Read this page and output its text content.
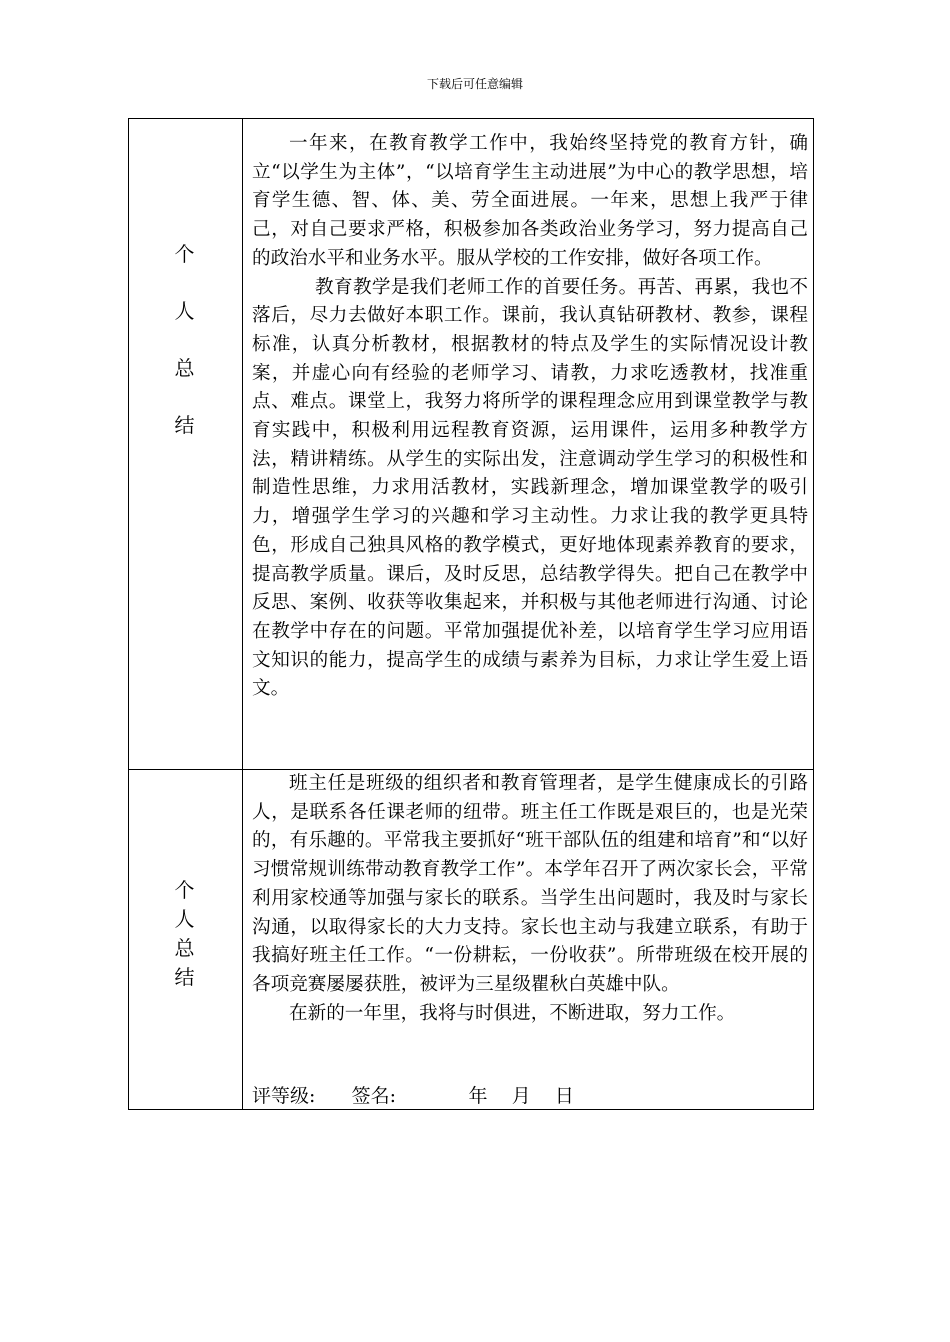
下载后可任意编辑
个
人
总
结

一年来，在教育教学工作中，我始终坚持党的教育方针，确立“以学生为主体”，“以培育学生主动进展”为中心的教学思想，培育学生德、智、体、美、劳全面进展。一年来，思想上我严于律己，对自己要求严格，积极参加各类政治业务学习，努力提高自己的政治水平和业务水平。服从学校的工作安排，做好各项工作。

教育教学是我们老师工作的首要任务。再苦、再累，我也不落后，尽力去做好本职工作。课前，我认真钻研教材、教参，课程标准，认真分析教材，根据教材的特点及学生的实际情况设计教案，并虚心向有经验的老师学习、请教，力求吃透教材，找准重点、难点。课堂上，我努力将所学的课程理念应用到课堂教学与教育实践中，积极利用远程教育资源，运用课件，运用多种教学方法，精讲精练。从学生的实际出发，注意调动学生学习的积极性和制造性思维，力求用活教材，实践新理念，增加课堂教学的吸引力，增强学生学习的兴趣和学习主动性。力求让我的教学更具特色，形成自己独具风格的教学模式，更好地体现素养教育的要求，提高教学质量。课后，及时反思，总结教学得失。把自己在教学中反思、案例、收获等收集起来，并积极与其他老师进行沟通、讨论在教学中存在的问题。平常加强提优补差，以培育学生学习应用语文知识的能力，提高学生的成绩与素养为目标，力求让学生爱上语文。

个
人
总
结

班主任是班级的组织者和教育管理者，是学生健康成长的引路人，是联系各任课老师的纽带。班主任工作既是艰巨的，也是光荣的，有乐趣的。平常我主要抓好“班干部队伍的组建和培育”和“以好习惯常规训练带动教育教学工作”。本学年召开了两次家长会，平常利用家校通等加强与家长的联系。当学生出问题时，我及时与家长沟通，以取得家长的大力支持。家长也主动与我建立联系，有助于我搞好班主任工作。“一份耕耘，一份收获”。所带班级在校开展的各项竞赛屡屡获胜，被评为三星级瞿秋白英雄中队。

在新的一年里，我将与时俱进，不断进取，努力工作。

评等级: 签名:	年 月 日
